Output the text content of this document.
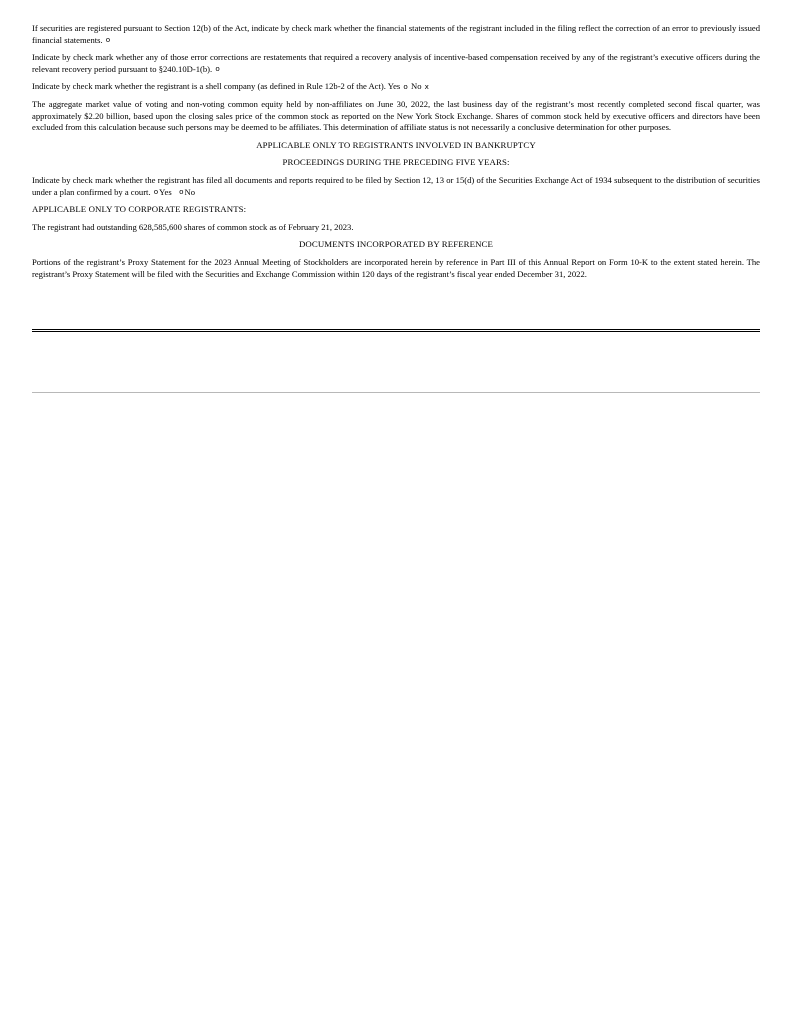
If securities are registered pursuant to Section 12(b) of the Act, indicate by check mark whether the financial statements of the registrant included in the filing reflect the correction of an error to previously issued financial statements. o

Indicate by check mark whether any of those error corrections are restatements that required a recovery analysis of incentive-based compensation received by any of the registrant’s executive officers during the relevant recovery period pursuant to §240.10D-1(b). o

Indicate by check mark whether the registrant is a shell company (as defined in Rule 12b-2 of the Act). Yes o No x

The aggregate market value of voting and non-voting common equity held by non-affiliates on June 30, 2022, the last business day of the registrant’s most recently completed second fiscal quarter, was approximately $2.20 billion, based upon the closing sales price of the common stock as reported on the New York Stock Exchange. Shares of common stock held by executive officers and directors have been excluded from this calculation because such persons may be deemed to be affiliates. This determination of affiliate status is not necessarily a conclusive determination for other purposes.

APPLICABLE ONLY TO REGISTRANTS INVOLVED IN BANKRUPTCY

PROCEEDINGS DURING THE PRECEDING FIVE YEARS:

Indicate by check mark whether the registrant has filed all documents and reports required to be filed by Section 12, 13 or 15(d) of the Securities Exchange Act of 1934 subsequent to the distribution of securities under a plan confirmed by a court. oYes oNo

APPLICABLE ONLY TO CORPORATE REGISTRANTS:

The registrant had outstanding 628,585,600 shares of common stock as of February 21, 2023.

DOCUMENTS INCORPORATED BY REFERENCE

Portions of the registrant’s Proxy Statement for the 2023 Annual Meeting of Stockholders are incorporated herein by reference in Part III of this Annual Report on Form 10-K to the extent stated herein. The registrant’s Proxy Statement will be filed with the Securities and Exchange Commission within 120 days of the registrant’s fiscal year ended December 31, 2022.
